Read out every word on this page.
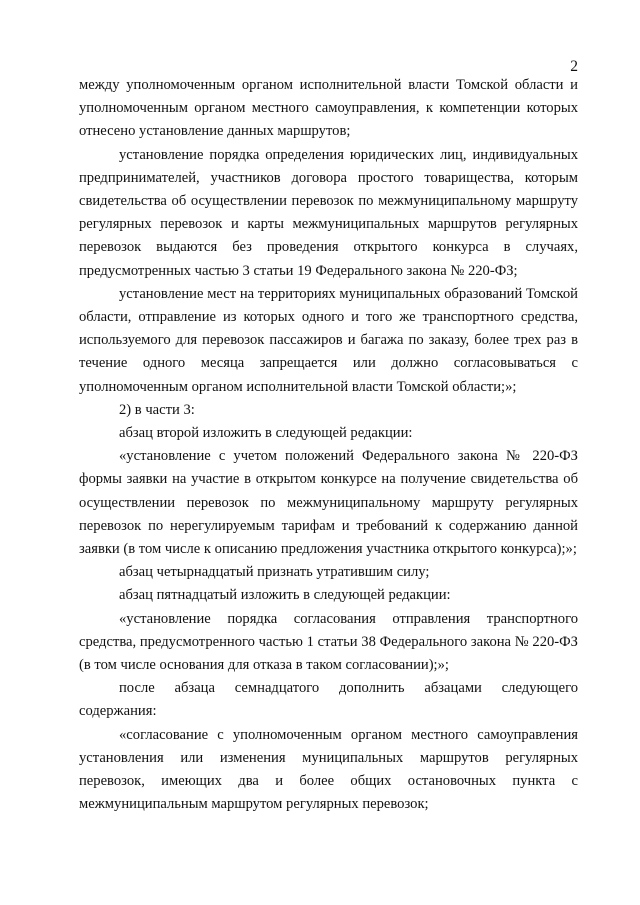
2

между уполномоченным органом исполнительной власти Томской области и уполномоченным органом местного самоуправления, к компетенции которых отнесено установление данных маршрутов;

установление порядка определения юридических лиц, индивидуальных предпринимателей, участников договора простого товарищества, которым свидетельства об осуществлении перевозок по межмуниципальному маршруту регулярных перевозок и карты межмуниципальных маршрутов регулярных перевозок выдаются без проведения открытого конкурса в случаях, предусмотренных частью 3 статьи 19 Федерального закона № 220-ФЗ;

установление мест на территориях муниципальных образований Томской области, отправление из которых одного и того же транспортного средства, используемого для перевозок пассажиров и багажа по заказу, более трех раз в течение одного месяца запрещается или должно согласовываться с уполномоченным органом исполнительной власти Томской области;»;

2) в части 3:

абзац второй изложить в следующей редакции:

«установление с учетом положений Федерального закона № 220-ФЗ формы заявки на участие в открытом конкурсе на получение свидетельства об осуществлении перевозок по межмуниципальному маршруту регулярных перевозок по нерегулируемым тарифам и требований к содержанию данной заявки (в том числе к описанию предложения участника открытого конкурса);»;

абзац четырнадцатый признать утратившим силу;

абзац пятнадцатый изложить в следующей редакции:

«установление порядка согласования отправления транспортного средства, предусмотренного частью 1 статьи 38 Федерального закона № 220-ФЗ (в том числе основания для отказа в таком согласовании);»;

после абзаца семнадцатого дополнить абзацами следующего содержания:

«согласование с уполномоченным органом местного самоуправления установления или изменения муниципальных маршрутов регулярных перевозок, имеющих два и более общих остановочных пункта с межмуниципальным маршрутом регулярных перевозок;
